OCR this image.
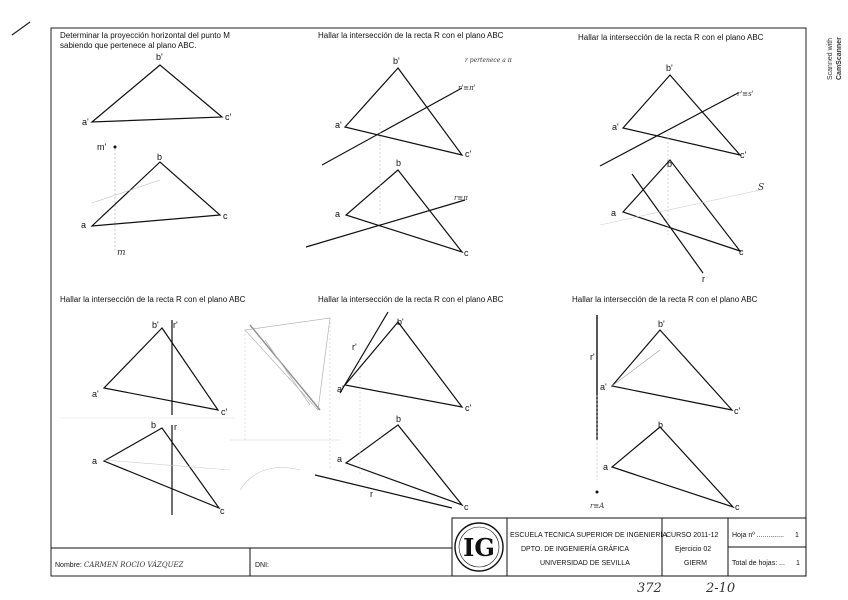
Determinar la proyección horizontal del punto M
sabiendo que pertenece al plano ABC.
Hallar la intersección de la recta R con el plano ABC	Hallar la intersección de la recta R con el plano ABC
Hallar la intersección de la recta R con el plano ABC	Hallar la intersección de la recta R con el plano ABC	Hallar la intersección de la recta R con el plano ABC
b'
a'	c'
b
a
c
m'
m
b'
a'
c'
b
a
c
r pertenece a π
r'≡π'
r≡π
b'
a'
c'
b
a
c
r
S
r'≡s'
b' r'
a'
c'
b r
a
c
b'
r'
a'
c'
b
a
r
c
b'
r'
a'
c'
b
a
c
r≡A
IG ESCUELA TECNICA SUPERIOR DE INGENIERÍA
DPTO. DE INGENIERÍA GRÁFICA
UNIVERSIDAD DE SEVILLA
CURSO 2011-12
Ejercicio 02
GIERM
Hoja nº .............. 1
Total de hojas: ... 1
Nombre: CARMEN ROCIO VÁZQUEZ	DNI:
372	2-10
Scanned with CamScanner
